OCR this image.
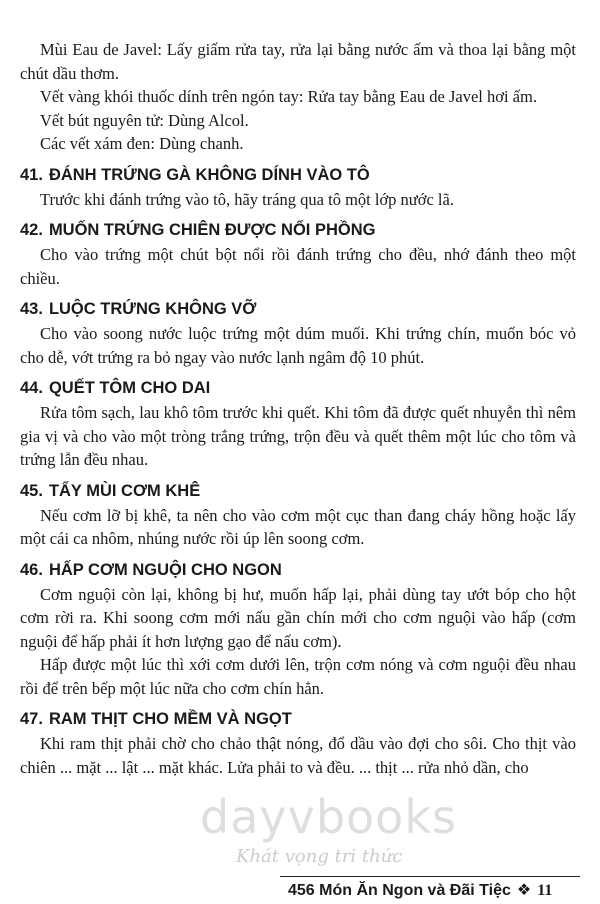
Mùi Eau de Javel: Lấy giấm rửa tay, rửa lại bằng nước ấm và thoa lại bằng một chút dầu thơm.

Vết vàng khói thuốc dính trên ngón tay: Rửa tay bằng Eau de Javel hơi ấm.

Vết bút nguyên tử: Dùng Alcol.

Các vết xám đen: Dùng chanh.

41. ĐÁNH TRỨNG GÀ KHÔNG DÍNH VÀO TÔ

Trước khi đánh trứng vào tô, hãy tráng qua tô một lớp nước lã.

42. MUỐN TRỨNG CHIÊN ĐƯỢC NỔI PHỒNG

Cho vào trứng một chút bột nổi rồi đánh trứng cho đều, nhớ đánh theo một chiều.

43. LUỘC TRỨNG KHÔNG VỠ

Cho vào soong nước luộc trứng một dúm muối. Khi trứng chín, muốn bóc vỏ cho dễ, vớt trứng ra bỏ ngay vào nước lạnh ngâm độ 10 phút.

44. QUẾT TÔM CHO DAI

Rửa tôm sạch, lau khô tôm trước khi quết. Khi tôm đã được quết nhuyễn thì nêm gia vị và cho vào một tròng trắng trứng, trộn đều và quết thêm một lúc cho tôm và trứng lẫn đều nhau.

45. TẨY MÙI CƠM KHÊ

Nếu cơm lỡ bị khê, ta nên cho vào cơm một cục than đang cháy hồng hoặc lấy một cái ca nhôm, nhúng nước rồi úp lên soong cơm.

46. HẤP CƠM NGUỘI CHO NGON

Cơm nguội còn lại, không bị hư, muốn hấp lại, phải dùng tay ướt bóp cho hột cơm rời ra. Khi soong cơm mới nấu gần chín mới cho cơm nguội vào hấp (cơm nguội để hấp phải ít hơn lượng gạo để nấu cơm).

Hấp được một lúc thì xới cơm dưới lên, trộn cơm nóng và cơm nguội đều nhau rồi để trên bếp một lúc nữa cho cơm chín hẳn.

47. RAM THỊT CHO MỀM VÀ NGỌT

Khi ram thịt phải chờ cho chảo thật nóng, đổ dầu vào đợi cho sôi. Cho thịt vào chiên ... mặt ... lật ... mặt khác. Lửa phải to và đều. ... thịt ... rửa nhỏ dần, cho

dayvbooks
Khát vọng tri thức
456 Món Ăn Ngon và Đãi Tiệc ❖ 11
